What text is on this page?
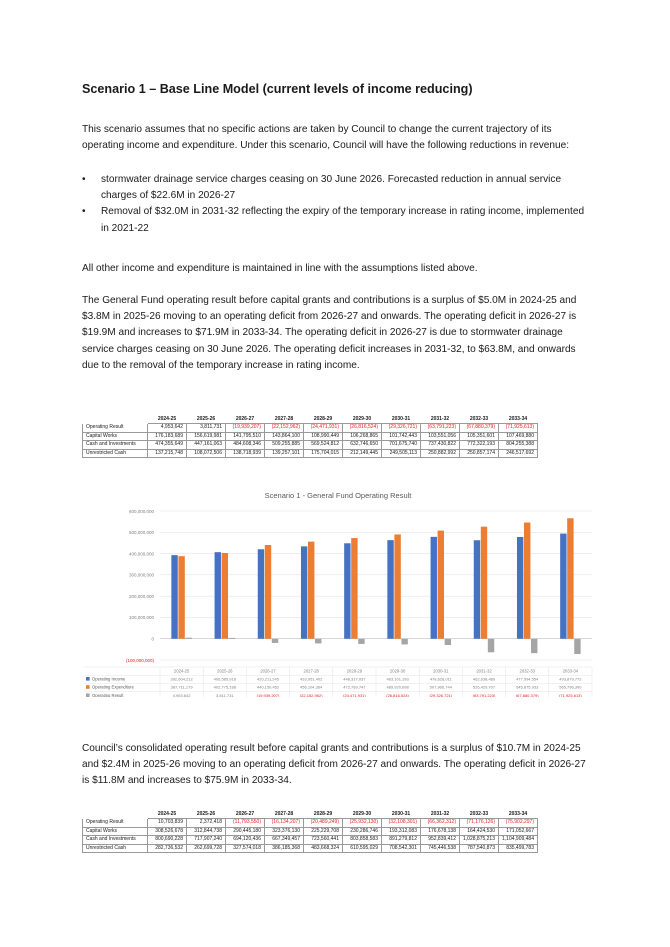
Scenario 1 – Base Line Model (current levels of income reducing)
This scenario assumes that no specific actions are taken by Council to change the current trajectory of its operating income and expenditure. Under this scenario, Council will have the following reductions in revenue:
• stormwater drainage service charges ceasing on 30 June 2026. Forecasted reduction in annual service charges of $22.6M in 2026-27
• Removal of $32.0M in 2031-32 reflecting the expiry of the temporary increase in rating income, implemented in 2021-22
All other income and expenditure is maintained in line with the assumptions listed above.
The General Fund operating result before capital grants and contributions is a surplus of $5.0M in 2024-25 and $3.8M in 2025-26 moving to an operating deficit from 2026-27 and onwards. The operating deficit in 2026-27 is $19.9M and increases to $71.9M in 2033-34. The operating deficit in 2026-27 is due to stormwater drainage service charges ceasing on 30 June 2026. The operating deficit increases in 2031-32, to $63.8M, and onwards due to the removal of the temporary increase in rating income.
	2024-25	2025-26	2026-27	2027-28	2028-29	2029-30	2030-31	2031-32	2032-33	2033-34
Operating Result	4,953,642	3,811,731	(19,939,207)	(22,152,962)	(24,471,931)	(26,816,524)	(29,326,721)	(63,791,223)	(67,880,379)	(71,925,613)
Capital Works	176,183,689	156,619,981	141,795,510	143,864,100	108,990,449	106,268,865	101,742,443	103,551,056	105,351,601	107,469,880
Cash and Investments	474,355,649	447,161,063	484,608,346	509,255,885	569,524,812	632,746,650	701,675,740	737,430,822	772,322,193	804,255,388
Unrestricted Cash	137,215,748	108,072,506	138,718,939	139,257,101	175,704,015	212,149,445	249,505,113	250,882,992	250,857,174	246,517,692
Scenario 1 - General Fund Operating Result
(100,000,000)
0
100,000,000
200,000,000
300,000,000
400,000,000
500,000,000
600,000,000
2024-25	2025-26	2026-27	2027-28	2028-29	2029-30	2030-31	2031-32	2032-33	2033-34
Operating Income	392,604,212	406,585,918	420,211,245	433,951,402	448,317,037	463,101,193	478,628,011	462,638,489	477,994,554	493,879,772
Operating Expenditure	387,711,179	402,775,188	440,150,452	456,104,364	472,789,747	489,920,698	507,966,744	526,429,707	545,875,933	565,796,390
Operating Result	4,953,642	3,811,731	(19,939,207)	(22,152,962)	(24,471,931)	(26,816,524)	(29,326,721)	(63,791,223)	(67,880,379)	(71,925,613)
Council’s consolidated operating result before capital grants and contributions is a surplus of $10.7M in 2024-25 and $2.4M in 2025-26 moving to an operating deficit from 2026-27 and onwards. The operating deficit in 2026-27 is $11.8M and increases to $75.9M in 2033-34.
	2024-25	2025-26	2026-27	2027-28	2028-29	2029-30	2030-31	2031-32	2032-33	2033-34
Operating Result	10,703,839	2,372,418	(11,793,550)	(16,134,207)	(20,489,249)	(25,932,130)	(32,108,301)	(66,362,312)	(71,176,126)	(75,902,297)
Capital Works	308,526,678	312,844,738	290,445,180	323,376,130	225,229,708	230,286,746	193,312,083	176,678,138	164,424,530	171,052,667
Cash and Investments	800,690,228	717,907,240	694,120,436	667,349,457	723,560,441	803,858,583	891,279,812	952,839,412	1,028,875,213	1,104,909,484
Unrestricted Cash	282,736,532	262,699,728	327,574,018	386,185,368	483,668,324	610,595,029	708,542,301	745,446,538	787,540,873	835,499,783
